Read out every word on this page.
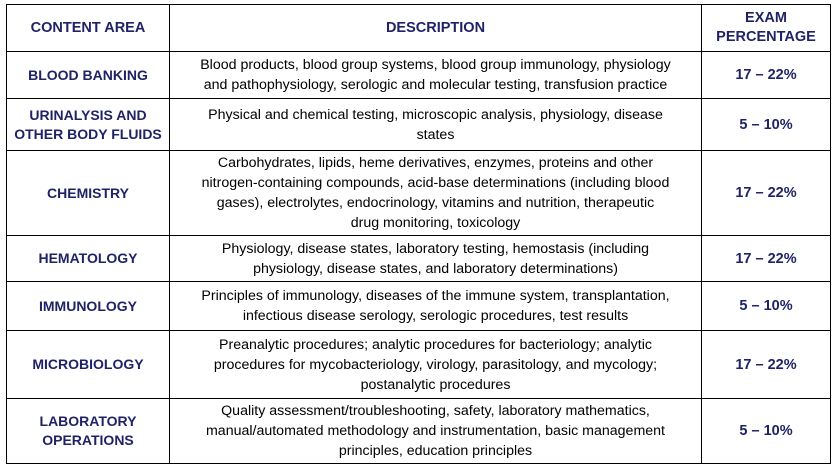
CONTENT AREA	DESCRIPTION	EXAM
PERCENTAGE

BLOOD BANKING	Blood products, blood group systems, blood group immunology, physiology
and pathophysiology, serologic and molecular testing, transfusion practice	17 – 22%

URINALYSIS AND
OTHER BODY FLUIDS	Physical and chemical testing, microscopic analysis, physiology, disease
states	5 – 10%

CHEMISTRY	Carbohydrates, lipids, heme derivatives, enzymes, proteins and other
nitrogen-containing compounds, acid-base determinations (including blood
gases), electrolytes, endocrinology, vitamins and nutrition, therapeutic
drug monitoring, toxicology	17 – 22%

HEMATOLOGY	Physiology, disease states, laboratory testing, hemostasis (including
physiology, disease states, and laboratory determinations)	17 – 22%

IMMUNOLOGY	Principles of immunology, diseases of the immune system, transplantation,
infectious disease serology, serologic procedures, test results	5 – 10%

MICROBIOLOGY	Preanalytic procedures; analytic procedures for bacteriology; analytic
procedures for mycobacteriology, virology, parasitology, and mycology;
postanalytic procedures	17 – 22%

LABORATORY
OPERATIONS	Quality assessment/troubleshooting, safety, laboratory mathematics,
manual/automated methodology and instrumentation, basic management
principles, education principles	5 – 10%
